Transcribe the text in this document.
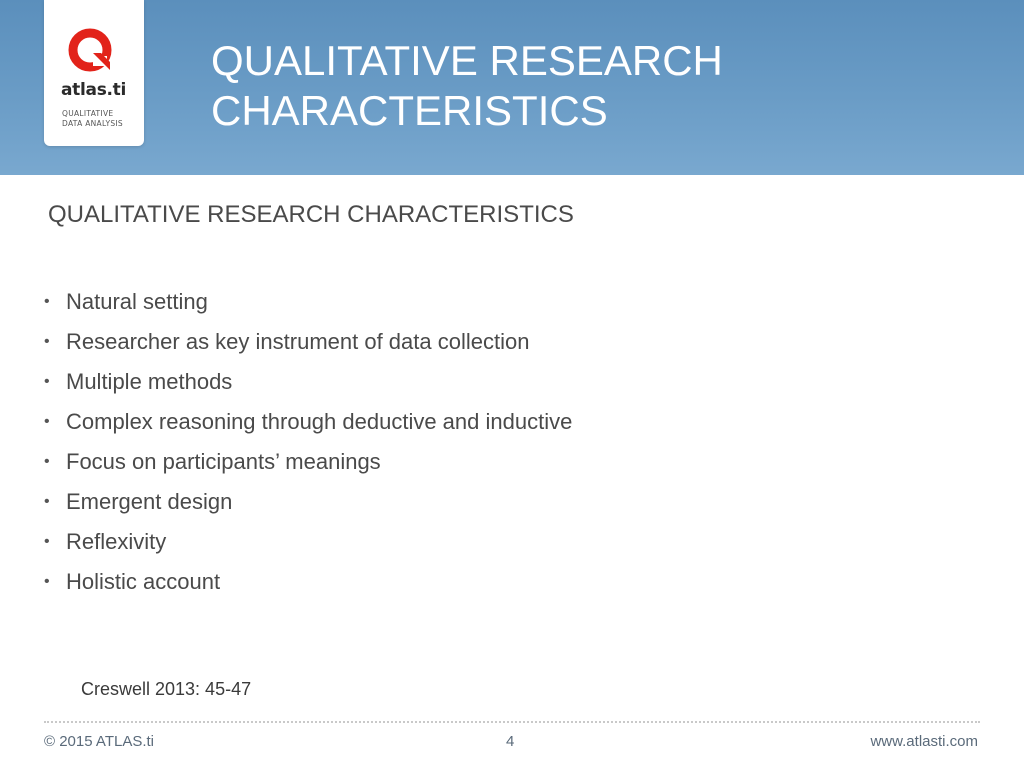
atlas.ti
QUALITATIVE
DATA ANALYSIS
QUALITATIVE RESEARCH
CHARACTERISTICS
QUALITATIVE RESEARCH CHARACTERISTICS
• Natural setting
• Researcher as key instrument of data collection
• Multiple methods
• Complex reasoning through deductive and inductive
• Focus on participants’ meanings
• Emergent design
• Reflexivity
• Holistic account
Creswell 2013: 45-47
© 2015 ATLAS.ti	4	www.atlasti.com
